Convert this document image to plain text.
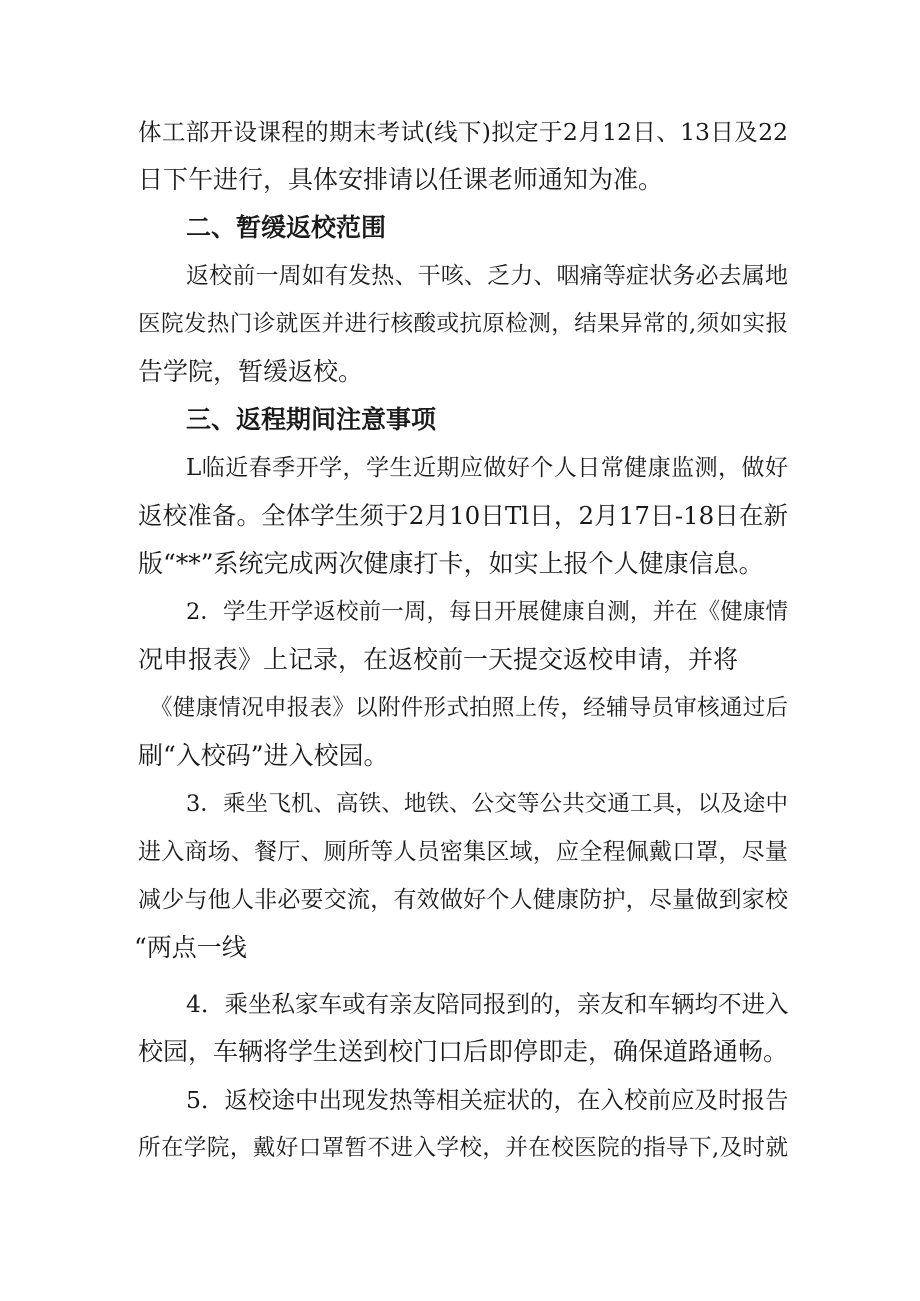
体工部开设课程的期末考试(线下)拟定于2月12日、13日及22
日下午进行，具体安排请以任课老师通知为准。
二、暂缓返校范围
返校前一周如有发热、干咳、乏力、咽痛等症状务必去属地
医院发热门诊就医并进行核酸或抗原检测，结果异常的,须如实报
告学院，暂缓返校。
三、返程期间注意事项
L临近春季开学，学生近期应做好个人日常健康监测，做好
返校准备。全体学生须于2月10日Tl日，2月17日-18日在新
版“**”系统完成两次健康打卡，如实上报个人健康信息。
2．学生开学返校前一周，每日开展健康自测，并在《健康情
况申报表》上记录，在返校前一天提交返校申请，并将
《健康情况申报表》以附件形式拍照上传，经辅导员审核通过后
刷“入校码”进入校园。
3．乘坐飞机、高铁、地铁、公交等公共交通工具，以及途中
进入商场、餐厅、厕所等人员密集区域，应全程佩戴口罩，尽量
减少与他人非必要交流，有效做好个人健康防护，尽量做到家校
“两点一线
4．乘坐私家车或有亲友陪同报到的，亲友和车辆均不进入
校园，车辆将学生送到校门口后即停即走，确保道路通畅。
5．返校途中出现发热等相关症状的，在入校前应及时报告
所在学院，戴好口罩暂不进入学校，并在校医院的指导下,及时就
